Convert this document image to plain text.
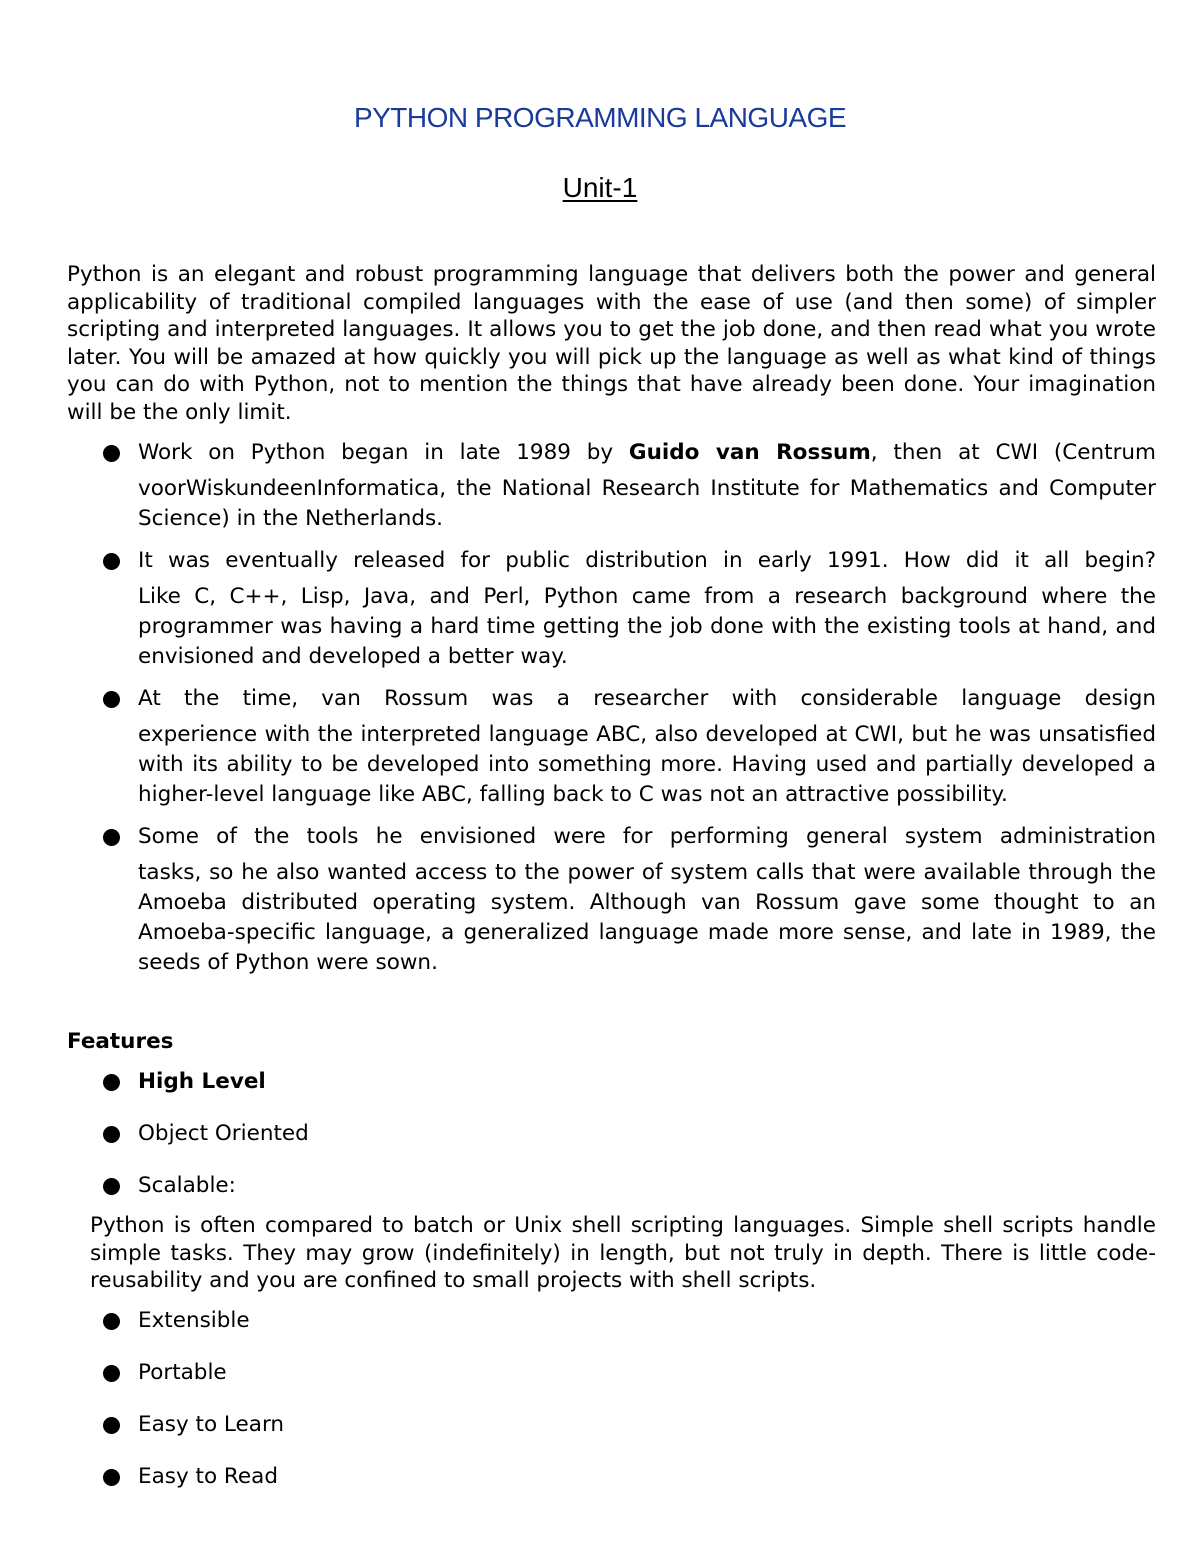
PYTHON PROGRAMMING LANGUAGE
Unit-1

Python is an elegant and robust programming language that delivers both the power and general applicability of traditional compiled languages with the ease of use (and then some) of simpler scripting and interpreted languages. It allows you to get the job done, and then read what you wrote later. You will be amazed at how quickly you will pick up the language as well as what kind of things you can do with Python, not to mention the things that have already been done. Your imagination will be the only limit.

Work on Python began in late 1989 by Guido van Rossum, then at CWI (Centrum
voorWiskundeenInformatica, the National Research Institute for Mathematics and Computer Science) in the Netherlands.
It was eventually released for public distribution in early 1991. How did it all begin?
Like C, C++, Lisp, Java, and Perl, Python came from a research background where the programmer was having a hard time getting the job done with the existing tools at hand, and envisioned and developed a better way.
At the time, van Rossum was a researcher with considerable language design
experience with the interpreted language ABC, also developed at CWI, but he was unsatisfied with its ability to be developed into something more. Having used and partially developed a higher-level language like ABC, falling back to C was not an attractive possibility.
Some of the tools he envisioned were for performing general system administration
tasks, so he also wanted access to the power of system calls that were available through the Amoeba distributed operating system. Although van Rossum gave some thought to an Amoeba-specific language, a generalized language made more sense, and late in 1989, the seeds of Python were sown.
Features
High Level
Object Oriented
Scalable:

Python is often compared to batch or Unix shell scripting languages. Simple shell scripts handle simple tasks. They may grow (indefinitely) in length, but not truly in depth. There is little code-reusability and you are confined to small projects with shell scripts.

Extensible
Portable
Easy to Learn
Easy to Read
